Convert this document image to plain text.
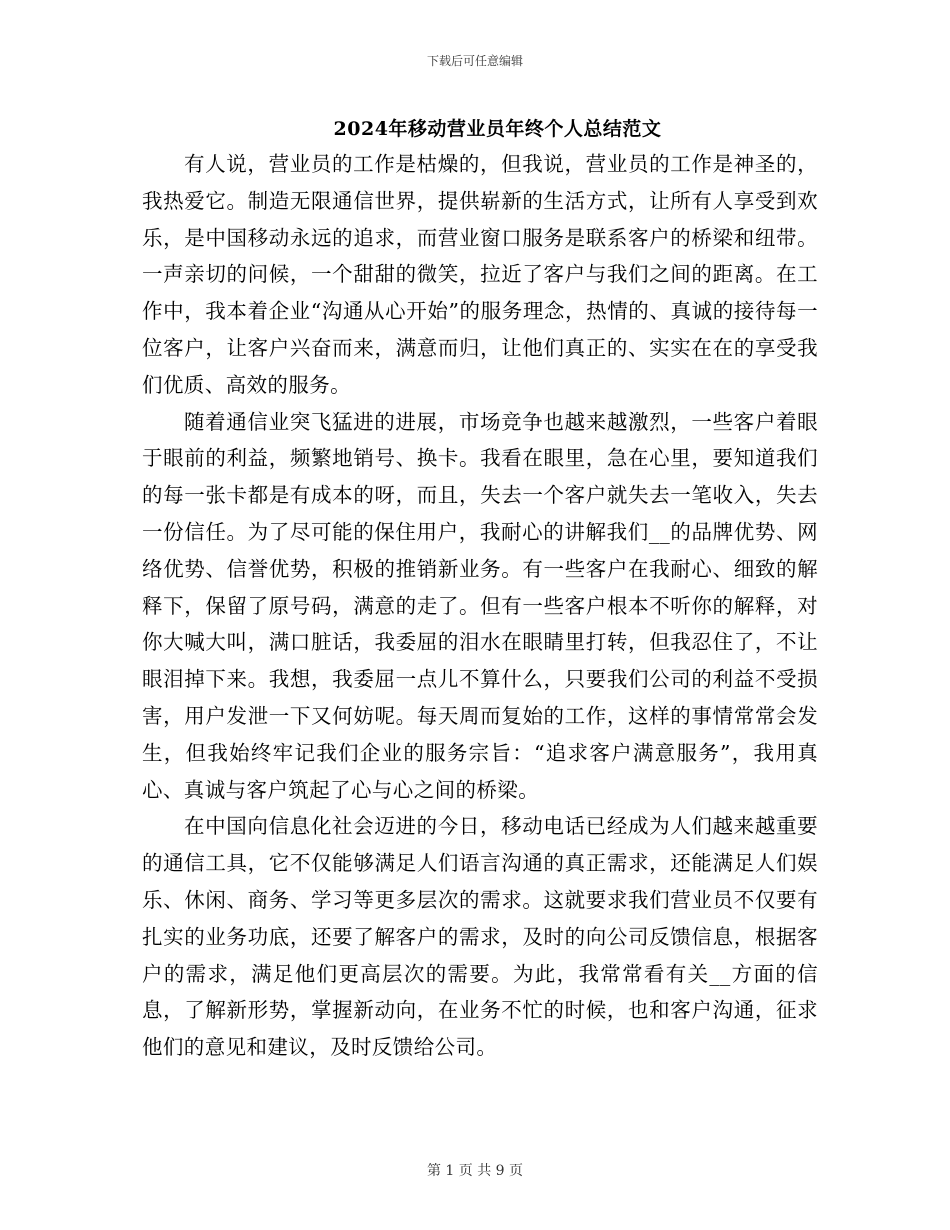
下载后可任意编辑
2024年移动营业员年终个人总结范文

有人说，营业员的工作是枯燥的，但我说，营业员的工作是神圣的，我热爱它。制造无限通信世界，提供崭新的生活方式，让所有人享受到欢乐，是中国移动永远的追求，而营业窗口服务是联系客户的桥梁和纽带。一声亲切的问候，一个甜甜的微笑，拉近了客户与我们之间的距离。在工作中，我本着企业“沟通从心开始”的服务理念，热情的、真诚的接待每一位客户，让客户兴奋而来，满意而归，让他们真正的、实实在在的享受我们优质、高效的服务。

随着通信业突飞猛进的进展，市场竞争也越来越激烈，一些客户着眼于眼前的利益，频繁地销号、换卡。我看在眼里，急在心里，要知道我们的每一张卡都是有成本的呀，而且，失去一个客户就失去一笔收入，失去一份信任。为了尽可能的保住用户，我耐心的讲解我们__的品牌优势、网络优势、信誉优势，积极的推销新业务。有一些客户在我耐心、细致的解释下，保留了原号码，满意的走了。但有一些客户根本不听你的解释，对你大喊大叫，满口脏话，我委屈的泪水在眼睛里打转，但我忍住了，不让眼泪掉下来。我想，我委屈一点儿不算什么，只要我们公司的利益不受损害，用户发泄一下又何妨呢。每天周而复始的工作，这样的事情常常会发生，但我始终牢记我们企业的服务宗旨：“追求客户满意服务”，我用真心、真诚与客户筑起了心与心之间的桥梁。

在中国向信息化社会迈进的今日，移动电话已经成为人们越来越重要的通信工具，它不仅能够满足人们语言沟通的真正需求，还能满足人们娱乐、休闲、商务、学习等更多层次的需求。这就要求我们营业员不仅要有扎实的业务功底，还要了解客户的需求，及时的向公司反馈信息，根据客户的需求，满足他们更高层次的需要。为此，我常常看有关__方面的信息，了解新形势，掌握新动向，在业务不忙的时候，也和客户沟通，征求他们的意见和建议，及时反馈给公司。

第 1 页 共 9 页
